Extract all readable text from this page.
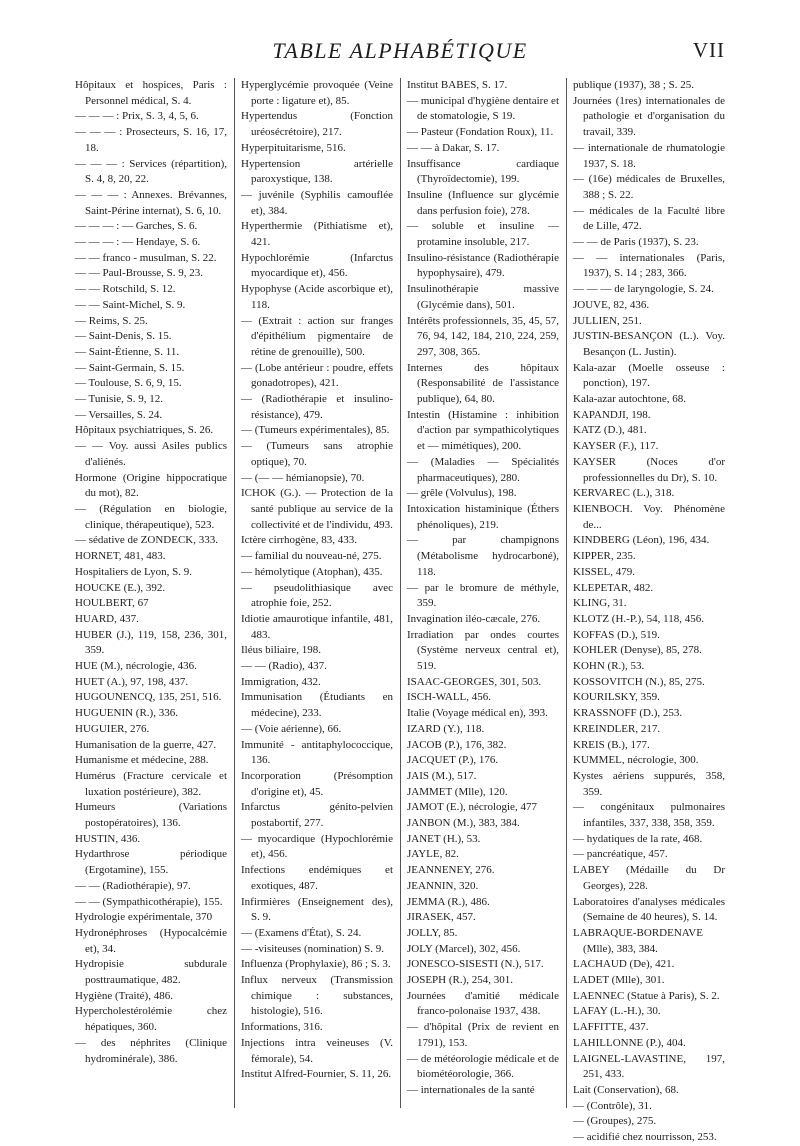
TABLE ALPHABÉTIQUE	VII

Hôpitaux et hospices, Paris : Personnel médical, S. 4.

— — — : Prix, S. 3, 4, 5, 6.

— — — : Prosecteurs, S. 16, 17, 18.

— — — : Services (répartition), S. 4, 8, 20, 22.

— — — : Annexes. Brévannes, Saint-Périne internat), S. 6, 10.

— — — : — Garches, S. 6.

— — — : — Hendaye, S. 6.

— — franco - musulman, S. 22.

— — Paul-Brousse, S. 9, 23.

— — Rotschild, S. 12.

— — Saint-Michel, S. 9.

— Reims, S. 25.

— Saint-Denis, S. 15.

— Saint-Étienne, S. 11.

— Saint-Germain, S. 15.

— Toulouse, S. 6, 9, 15.

— Tunisie, S. 9, 12.

— Versailles, S. 24.

Hôpitaux psychiatriques, S. 26.

— — Voy. aussi Asiles publics d'aliénés.

Hormone (Origine hippocratique du mot), 82.

— (Régulation en biologie, clinique, thérapeutique), 523.

— sédative de ZONDECK, 333.

HORNET, 481, 483.

Hospitaliers de Lyon, S. 9.

HOUCKE (E.), 392.

HOULBERT, 67

HUARD, 437.

HUBER (J.), 119, 158, 236, 301, 359.

HUE (M.), nécrologie, 436.

HUET (A.), 97, 198, 437.

HUGOUNENCQ, 135, 251, 516.

HUGUENIN (R.), 336.

HUGUIER, 276.

Humanisation de la guerre, 427.

Humanisme et médecine, 288.

Humérus (Fracture cervicale et luxation postérieure), 382.

Humeurs (Variations postopératoires), 136.

HUSTIN, 436.

Hydarthrose périodique (Ergotamine), 155.

— — (Radiothérapie), 97.

— — (Sympathicothérapie), 155.

Hydrologie expérimentale, 370

Hydronéphroses (Hypocalcémie et), 34.

Hydropisie subdurale posttraumatique, 482.

Hygiène (Traité), 486.

Hypercholestérolémie chez hépatiques, 360.

— des néphrites (Clinique hydrominérale), 386.

Hyperglycémie provoquée (Veine porte : ligature et), 85.

Hypertendus (Fonction uréosécrétoire), 217.

Hyperpituitarisme, 516.

Hypertension artérielle paroxystique, 138.

— juvénile (Syphilis camouflée et), 384.

Hyperthermie (Pithiatisme et), 421.

Hypochlorémie (Infarctus myocardique et), 456.

Hypophyse (Acide ascorbique et), 118.

— (Extrait : action sur franges d'épithélium pigmentaire de rétine de grenouille), 500.

— (Lobe antérieur : poudre, effets gonadotropes), 421.

— (Radiothérapie et insulino-résistance), 479.

— (Tumeurs expérimentales), 85.

— (Tumeurs sans atrophie optique), 70.

— (— — hémianopsie), 70.

ICHOK (G.). — Protection de la santé publique au service de la collectivité et de l'individu, 493.

Ictère cirrhogène, 83, 433.

— familial du nouveau-né, 275.

— hémolytique (Atophan), 435.

— pseudolithiasique avec atrophie foie, 252.

Idiotie amaurotique infantile, 481, 483.

Iléus biliaire, 198.

— — (Radio), 437.

Immigration, 432.

Immunisation (Étudiants en médecine), 233.

— (Voie aérienne), 66.

Immunité - antitaphylococcique, 136.

Incorporation (Présomption d'origine et), 45.

Infarctus génito-pelvien postabortif, 277.

— myocardique (Hypochlorémie et), 456.

Infections endémiques et exotiques, 487.

Infirmières (Enseignement des), S. 9.

— (Examens d'État), S. 24.

— -visiteuses (nomination) S. 9.

Influenza (Prophylaxie), 86 ; S. 3.

Influx nerveux (Transmission chimique : substances, histologie), 516.

Informations, 316.

Injections intra veineuses (V. fémorale), 54.

Institut Alfred-Fournier, S. 11, 26.

Institut BABES, S. 17.

— municipal d'hygiène dentaire et de stomatologie, S 19.

— Pasteur (Fondation Roux), 11.

— — à Dakar, S. 17.

Insuffisance cardiaque (Thyroïdectomie), 199.

Insuline (Influence sur glycémie dans perfusion foie), 278.

— soluble et insuline — protamine insoluble, 217.

Insulino-résistance (Radiothérapie hypophysaire), 479.

Insulinothérapie massive (Glycémie dans), 501.

Intérêts professionnels, 35, 45, 57, 76, 94, 142, 184, 210, 224, 259, 297, 308, 365.

Internes des hôpitaux (Responsabilité de l'assistance publique), 64, 80.

Intestin (Histamine : inhibition d'action par sympathicolytiques et — mimétiques), 200.

— (Maladies — Spécialités pharmaceutiques), 280.

— grêle (Volvulus), 198.

Intoxication histaminique (Éthers phénoliques), 219.

— par champignons (Métabolisme hydrocarboné), 118.

— par le bromure de méthyle, 359.

Invagination iléo-cæcale, 276.

Irradiation par ondes courtes (Système nerveux central et), 519.

ISAAC-GEORGES, 301, 503.

ISCH-WALL, 456.

Italie (Voyage médical en), 393.

IZARD (Y.), 118.

JACOB (P.), 176, 382.

JACQUET (P.), 176.

JAIS (M.), 517.

JAMMET (Mlle), 120.

JAMOT (E.), nécrologie, 477

JANBON (M.), 383, 384.

JANET (H.), 53.

JAYLE, 82.

JEANNENEY, 276.

JEANNIN, 320.

JEMMA (R.), 486.

JIRASEK, 457.

JOLLY, 85.

JOLY (Marcel), 302, 456.

JONESCO-SISESTI (N.), 517.

JOSEPH (R.), 254, 301.

Journées d'amitié médicale franco-polonaise 1937, 438.

— d'hôpital (Prix de revient en 1791), 153.

— de météorologie médicale et de biométéorologie, 366.

— internationales de la santé

publique (1937), 38 ; S. 25.

Journées (1res) internationales de pathologie et d'organisation du travail, 339.

— internationale de rhumatologie 1937, S. 18.

— (16e) médicales de Bruxelles, 388 ; S. 22.

— médicales de la Faculté libre de Lille, 472.

— — de Paris (1937), S. 23.

— — internationales (Paris, 1937), S. 14 ; 283, 366.

— — — de laryngologie, S. 24.

JOUVE, 82, 436.

JULLIEN, 251.

JUSTIN-BESANÇON (L.). Voy. Besançon (L. Justin).

Kala-azar (Moelle osseuse : ponction), 197.

Kala-azar autochtone, 68.

KAPANDJI, 198.

KATZ (D.), 481.

KAYSER (F.), 117.

KAYSER (Noces d'or professionnelles du Dr), S. 10.

KERVAREC (L.), 318.

KIENBOCH. Voy. Phénomène de...

KINDBERG (Léon), 196, 434.

KIPPER, 235.

KISSEL, 479.

KLEPETAR, 482.

KLING, 31.

KLOTZ (H.-P.), 54, 118, 456.

KOFFAS (D.), 519.

KOHLER (Denyse), 85, 278.

KOHN (R.), 53.

KOSSOVITCH (N.), 85, 275.

KOURILSKY, 359.

KRASSNOFF (D.), 253.

KREINDLER, 217.

KREIS (B.), 177.

KUMMEL, nécrologie, 300.

Kystes aériens suppurés, 358, 359.

— congénitaux pulmonaires infantiles, 337, 338, 358, 359.

— hydatiques de la rate, 468.

— pancréatique, 457.

LABEY (Médaille du Dr Georges), 228.

Laboratoires d'analyses médicales (Semaine de 40 heures), S. 14.

LABRAQUE-BORDENAVE (Mlle), 383, 384.

LACHAUD (De), 421.

LADET (Mlle), 301.

LAENNEC (Statue à Paris), S. 2.

LAFAY (L.-H.), 30.

LAFFITTE, 437.

LAHILLONNE (P.), 404.

LAIGNEL-LAVASTINE, 197, 251, 433.

Lait (Conservation), 68.

— (Contrôle), 31.

— (Groupes), 275.

— acidifié chez nourrisson, 253.
